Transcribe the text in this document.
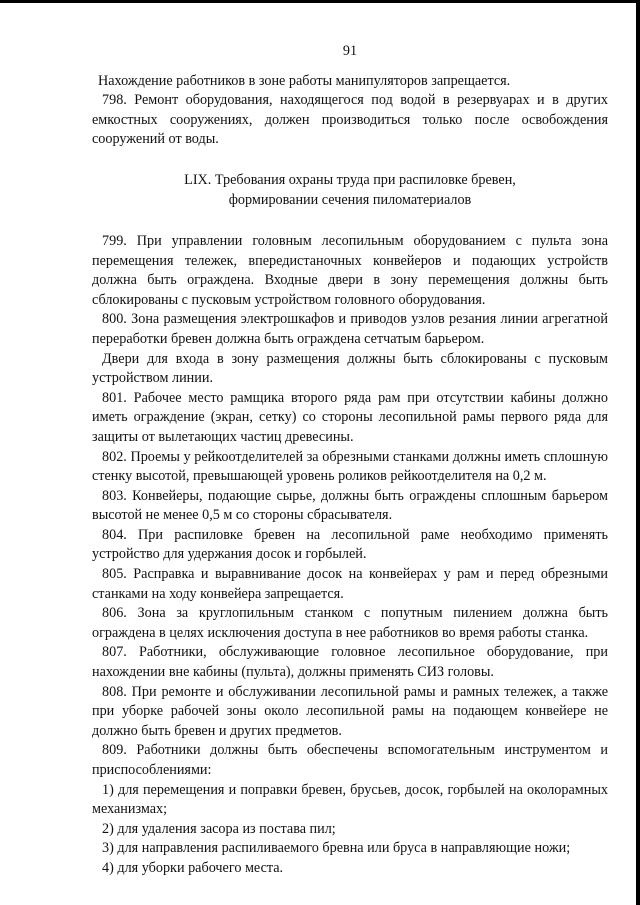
91

Нахождение работников в зоне работы манипуляторов запрещается.

798. Ремонт оборудования, находящегося под водой в резервуарах и в других емкостных сооружениях, должен производиться только после освобождения сооружений от воды.

LIX. Требования охраны труда при распиловке бревен,
формировании сечения пиломатериалов

799. При управлении головным лесопильным оборудованием с пульта зона перемещения тележек, впередистаночных конвейеров и подающих устройств должна быть ограждена. Входные двери в зону перемещения должны быть сблокированы с пусковым устройством головного оборудования.

800. Зона размещения электрошкафов и приводов узлов резания линии агрегатной переработки бревен должна быть ограждена сетчатым барьером.

Двери для входа в зону размещения должны быть сблокированы с пусковым устройством линии.

801. Рабочее место рамщика второго ряда рам при отсутствии кабины должно иметь ограждение (экран, сетку) со стороны лесопильной рамы первого ряда для защиты от вылетающих частиц древесины.

802. Проемы у рейкоотделителей за обрезными станками должны иметь сплошную стенку высотой, превышающей уровень роликов рейкоотделителя на 0,2 м.

803. Конвейеры, подающие сырье, должны быть ограждены сплошным барьером высотой не менее 0,5 м со стороны сбрасывателя.

804. При распиловке бревен на лесопильной раме необходимо применять устройство для удержания досок и горбылей.

805. Расправка и выравнивание досок на конвейерах у рам и перед обрезными станками на ходу конвейера запрещается.

806. Зона за круглопильным станком с попутным пилением должна быть ограждена в целях исключения доступа в нее работников во время работы станка.

807. Работники, обслуживающие головное лесопильное оборудование, при нахождении вне кабины (пульта), должны применять СИЗ головы.

808. При ремонте и обслуживании лесопильной рамы и рамных тележек, а также при уборке рабочей зоны около лесопильной рамы на подающем конвейере не должно быть бревен и других предметов.

809. Работники должны быть обеспечены вспомогательным инструментом и приспособлениями:

1) для перемещения и поправки бревен, брусьев, досок, горбылей на околорамных механизмах;

2) для удаления засора из постава пил;

3) для направления распиливаемого бревна или бруса в направляющие ножи;

4) для уборки рабочего места.
